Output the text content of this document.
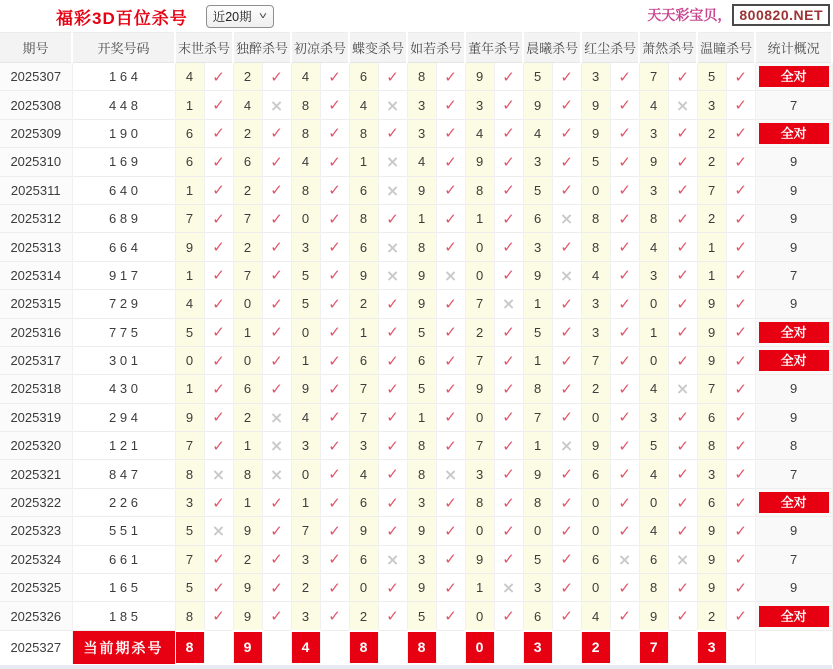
福彩3D百位杀号 近20期 ˅	天天彩宝贝， 800820.NET
期号	开奖号码	末世杀号		独醉杀号		初凉杀号		蝶变杀号		如若杀号		董年杀号		晨曦杀号		红尘杀号		萧然杀号		温瞳杀号		统计概况
2025307	1 6 4	4	✓	2	✓	4	✓	6	✓	8	✓	9	✓	5	✓	3	✓	7	✓	5	✓	全对

2025308	4 4 8	1	✓	4	×	8	✓	4	×	3	✓	3	✓	9	✓	9	✓	4	×	3	✓	7
2025309	1 9 0	6	✓	2	✓	8	✓	8	✓	3	✓	4	✓	4	✓	9	✓	3	✓	2	✓	全对

2025310	1 6 9	6	✓	6	✓	4	✓	1	×	4	✓	9	✓	3	✓	5	✓	9	✓	2	✓	9
2025311	6 4 0	1	✓	2	✓	8	✓	6	×	9	✓	8	✓	5	✓	0	✓	3	✓	7	✓	9
2025312	6 8 9	7	✓	7	✓	0	✓	8	✓	1	✓	1	✓	6	×	8	✓	8	✓	2	✓	9
2025313	6 6 4	9	✓	2	✓	3	✓	6	×	8	✓	0	✓	3	✓	8	✓	4	✓	1	✓	9
2025314	9 1 7	1	✓	7	✓	5	✓	9	×	9	×	0	✓	9	×	4	✓	3	✓	1	✓	7
2025315	7 2 9	4	✓	0	✓	5	✓	2	✓	9	✓	7	×	1	✓	3	✓	0	✓	9	✓	9
2025316	7 7 5	5	✓	1	✓	0	✓	1	✓	5	✓	2	✓	5	✓	3	✓	1	✓	9	✓	全对

2025317	3 0 1	0	✓	0	✓	1	✓	6	✓	6	✓	7	✓	1	✓	7	✓	0	✓	9	✓	全对

2025318	4 3 0	1	✓	6	✓	9	✓	7	✓	5	✓	9	✓	8	✓	2	✓	4	×	7	✓	9
2025319	2 9 4	9	✓	2	×	4	✓	7	✓	1	✓	0	✓	7	✓	0	✓	3	✓	6	✓	9
2025320	1 2 1	7	✓	1	×	3	✓	3	✓	8	✓	7	✓	1	×	9	✓	5	✓	8	✓	8
2025321	8 4 7	8	×	8	×	0	✓	4	✓	8	×	3	✓	9	✓	6	✓	4	✓	3	✓	7
2025322	2 2 6	3	✓	1	✓	1	✓	6	✓	3	✓	8	✓	8	✓	0	✓	0	✓	6	✓	全对

2025323	5 5 1	5	×	9	✓	7	✓	9	✓	9	✓	0	✓	0	✓	0	✓	4	✓	9	✓	9
2025324	6 6 1	7	✓	2	✓	3	✓	6	×	3	✓	9	✓	5	✓	6	×	6	×	9	✓	7
2025325	1 6 5	5	✓	9	✓	2	✓	0	✓	9	✓	1	×	3	✓	0	✓	8	✓	9	✓	9
2025326	1 8 5	8	✓	9	✓	3	✓	2	✓	5	✓	0	✓	6	✓	4	✓	9	✓	2	✓	全对

2025327	当前期杀号	8		9		4		8		8		0		3		2		7		3		
